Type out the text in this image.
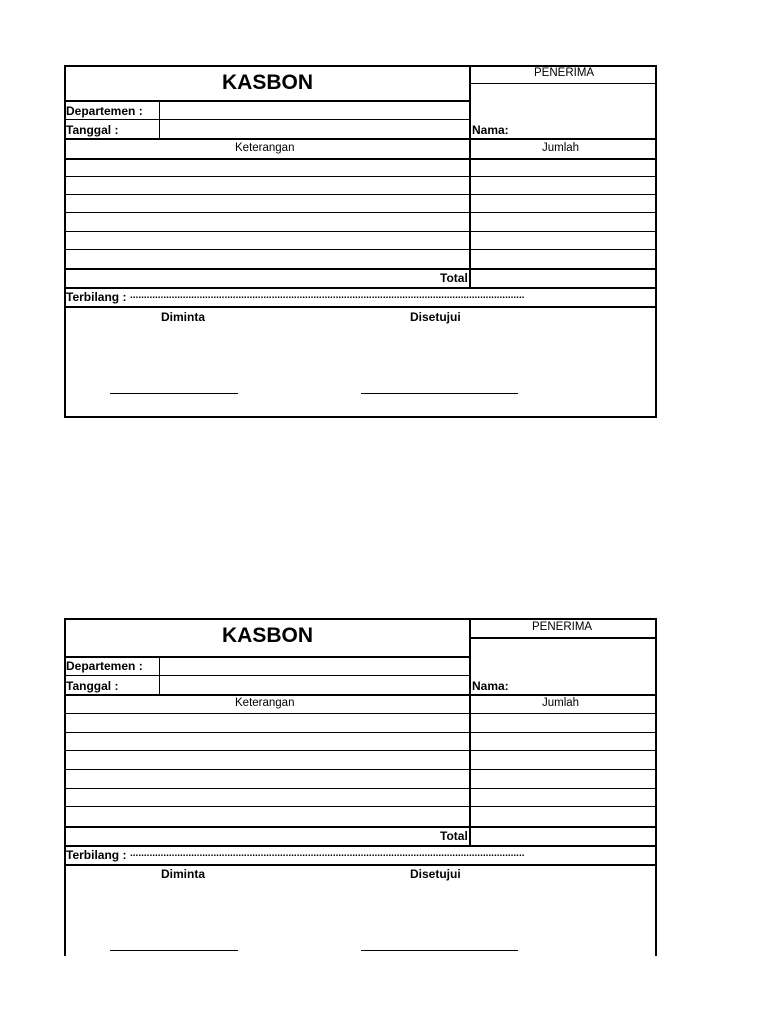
KASBON	PENERIMA
Departemen :
Tanggal :	Nama:
Keterangan	Jumlah
Total
Terbilang : ..............................................................................................................................................
Diminta	Disetujui
KASBON	PENERIMA
Departemen :
Tanggal :	Nama:
Keterangan	Jumlah
Total
Terbilang : ..............................................................................................................................................
Diminta	Disetujui
